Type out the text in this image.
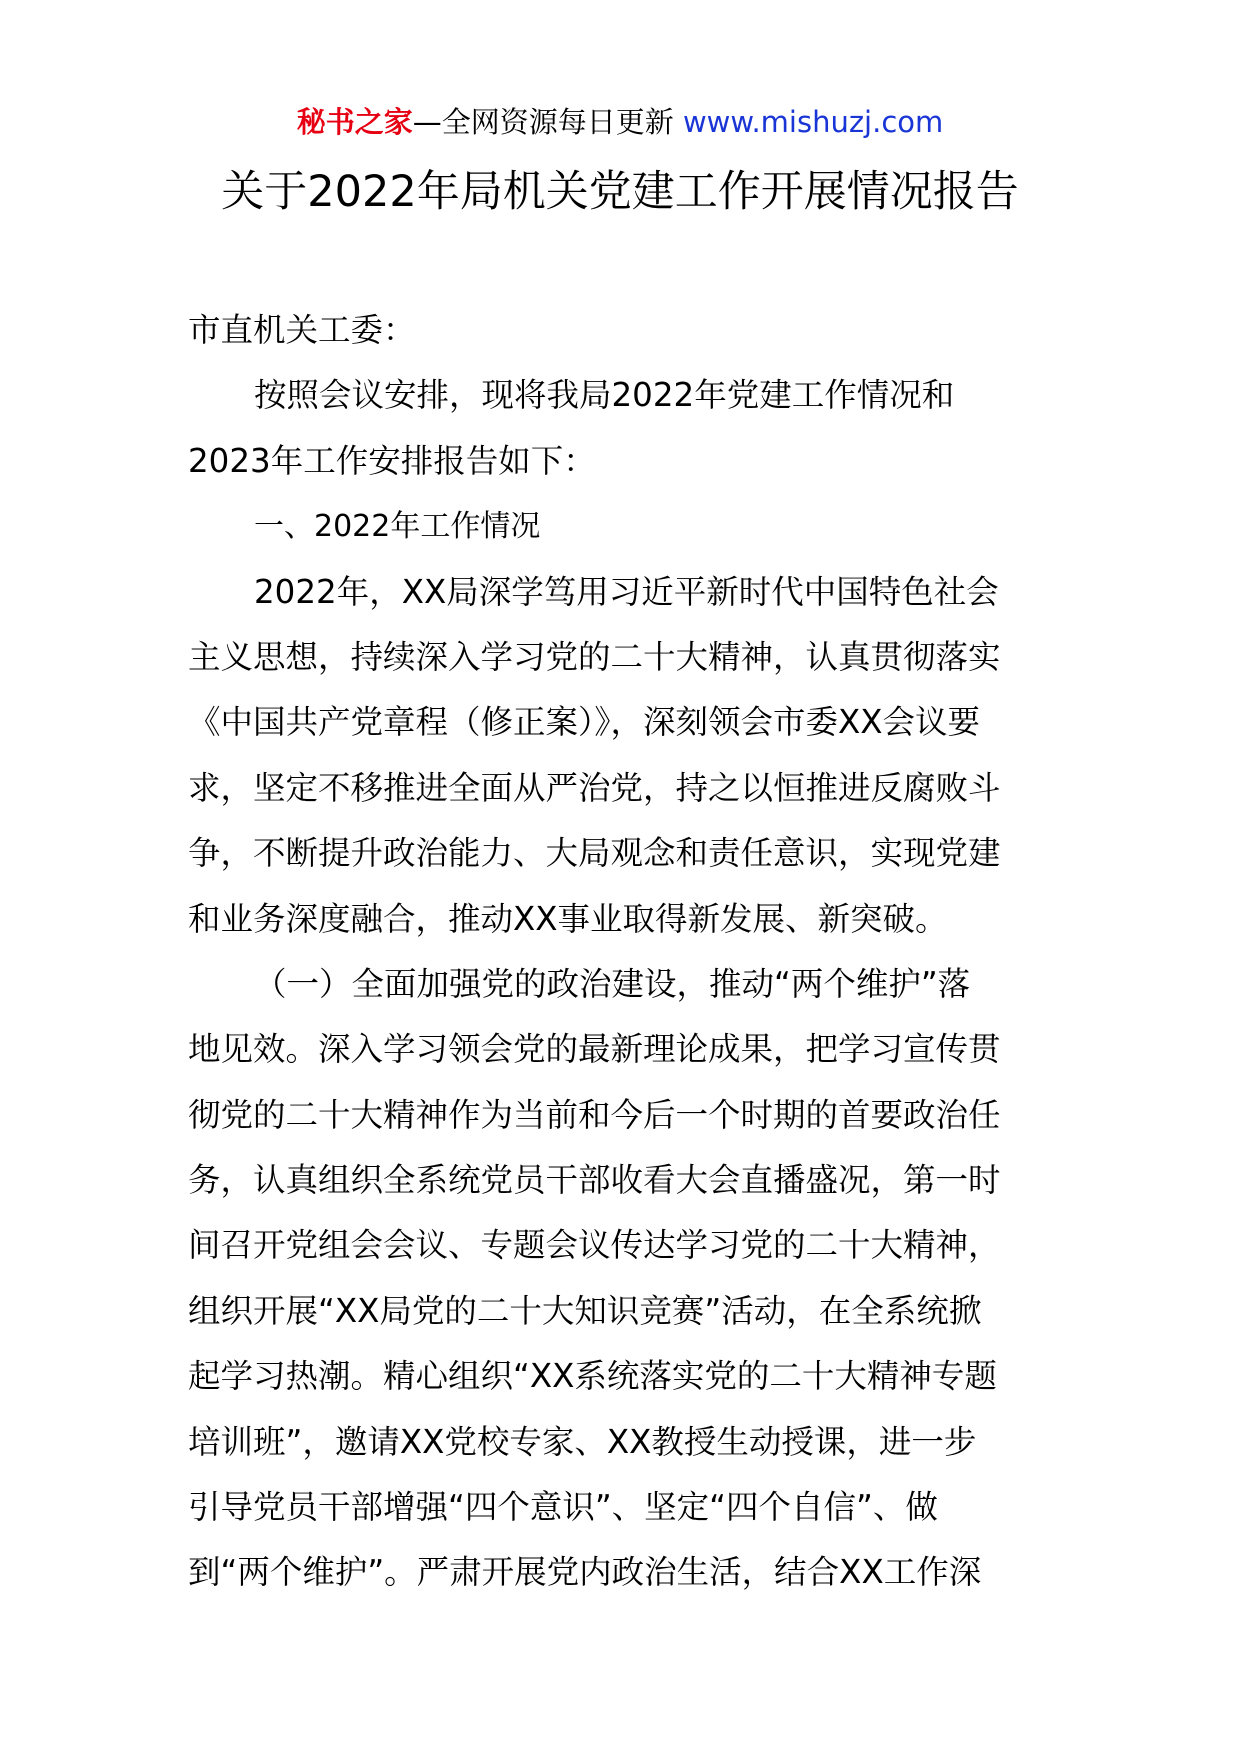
秘书之家—全网资源每日更新 www.mishuzj.com
关于2022年局机关党建工作开展情况报告
市直机关工委：
按照会议安排，现将我局2022年党建工作情况和
2023年工作安排报告如下：
一、2022年工作情况
2022年，XX局深学笃用习近平新时代中国特色社会
主义思想，持续深入学习党的二十大精神，认真贯彻落实
《中国共产党章程（修正案）》，深刻领会市委XX会议要
求，坚定不移推进全面从严治党，持之以恒推进反腐败斗
争，不断提升政治能力、大局观念和责任意识，实现党建
和业务深度融合，推动XX事业取得新发展、新突破。
（一）全面加强党的政治建设，推动“两个维护”落
地见效。深入学习领会党的最新理论成果，把学习宣传贯
彻党的二十大精神作为当前和今后一个时期的首要政治任
务，认真组织全系统党员干部收看大会直播盛况，第一时
间召开党组会会议、专题会议传达学习党的二十大精神，
组织开展“XX局党的二十大知识竞赛”活动，在全系统掀
起学习热潮。精心组织“XX系统落实党的二十大精神专题
培训班”，邀请XX党校专家、XX教授生动授课，进一步
引导党员干部增强“四个意识”、坚定“四个自信”、做
到“两个维护”。严肃开展党内政治生活，结合XX工作深
